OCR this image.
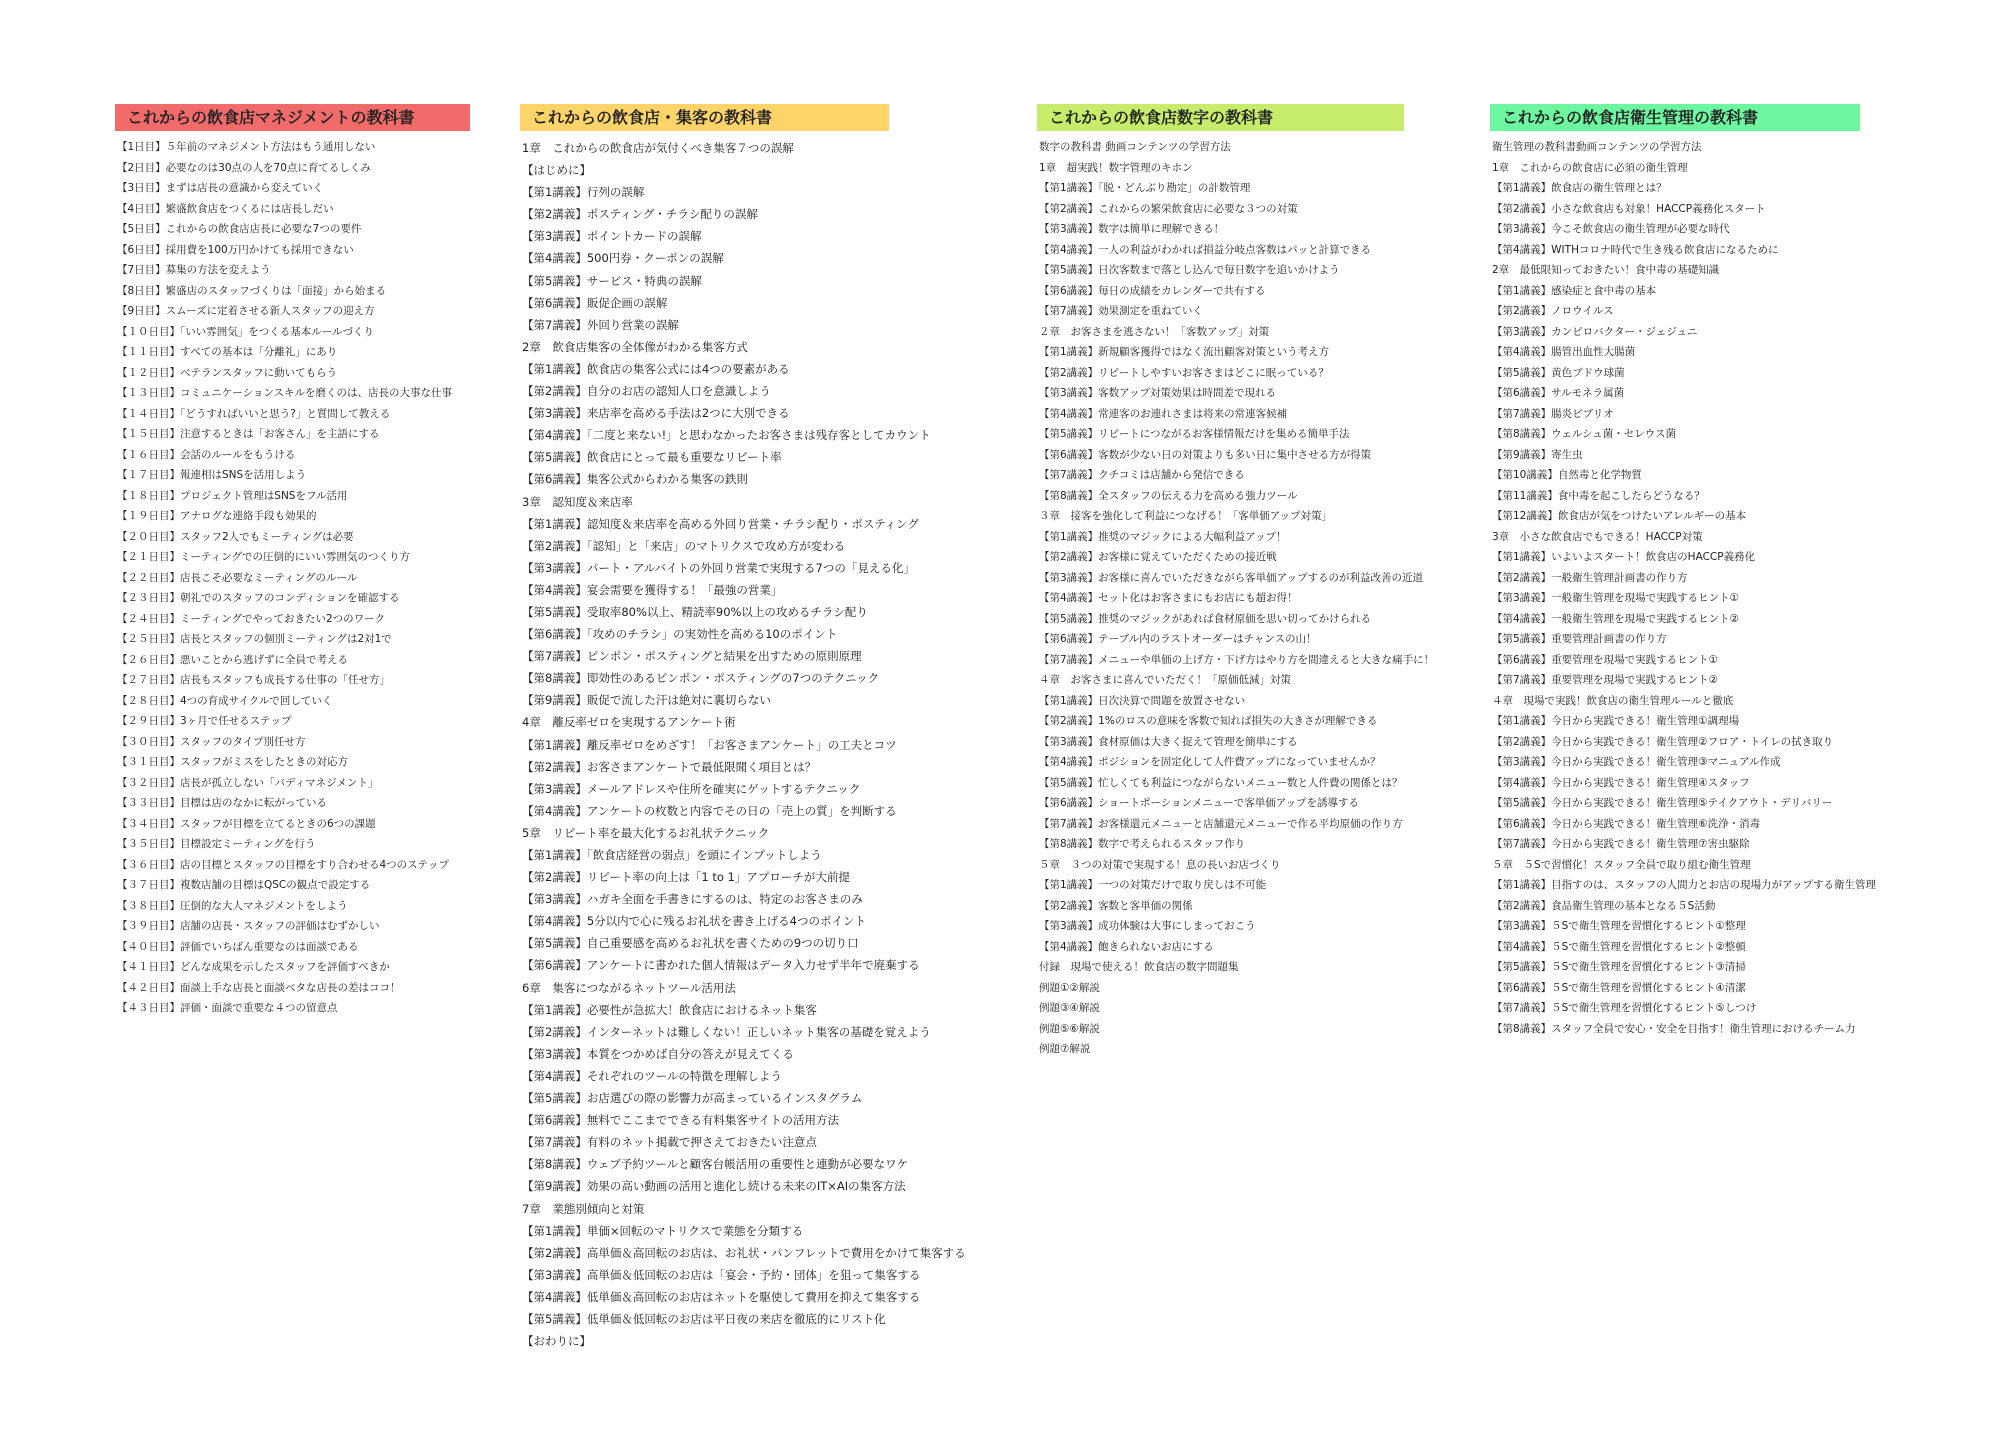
これからの飲食店マネジメントの教科書
【1日目】５年前のマネジメント方法はもう通用しない
【2日目】必要なのは30点の人を70点に育てるしくみ
【3日目】まずは店長の意識から変えていく
【4日目】繁盛飲食店をつくるには店長しだい
【5日目】これからの飲食店店長に必要な7つの要件
【6日目】採用費を100万円かけても採用できない
【7日目】募集の方法を変えよう
【8日目】繁盛店のスタッフづくりは「面接」から始まる
【9日目】スムーズに定着させる新人スタッフの迎え方
【１０日目】「いい雰囲気」をつくる基本ルールづくり
【１１日目】すべての基本は「分離礼」にあり
【１２日目】ベテランスタッフに動いてもらう
【１３日目】コミュニケーションスキルを磨くのは、店長の大事な仕事
【１４日目】「どうすればいいと思う?」と質問して教える
【１５日目】注意するときは「お客さん」を主語にする
【１６日目】会話のルールをもうける
【１７日目】報連相はSNSを活用しよう
【１８日目】プロジェクト管理はSNSをフル活用
【１９日目】アナログな連絡手段も効果的
【２０日目】スタッフ2人でもミーティングは必要
【２１日目】ミーティングでの圧倒的にいい雰囲気のつくり方
【２２日目】店長こそ必要なミーティングのルール
【２３日目】朝礼でのスタッフのコンディションを確認する
【２４日目】ミーティングでやっておきたい2つのワーク
【２５日目】店長とスタッフの個別ミーティングは2対1で
【２６日目】悪いことから逃げずに全員で考える
【２７日目】店長もスタッフも成長する仕事の「任せ方」
【２８日目】4つの育成サイクルで回していく
【２９日目】3ヶ月で任せるステップ
【３０日目】スタッフのタイプ別任せ方
【３１日目】スタッフがミスをしたときの対応方
【３２日目】店長が孤立しない「バディマネジメント」
【３３日目】目標は店のなかに転がっている
【３４日目】スタッフが目標を立てるときの6つの課題
【３５日目】目標設定ミーティングを行う
【３６日目】店の目標とスタッフの目標をすり合わせる4つのステップ
【３７日目】複数店舗の目標はQSCの観点で設定する
【３８日目】圧倒的な大人マネジメントをしよう
【３９日目】店舗の店長・スタッフの評価はむずかしい
【４０日目】評価でいちばん重要なのは面談である
【４１日目】どんな成果を示したスタッフを評価すべきか
【４２日目】面談上手な店長と面談ベタな店長の差はココ！
【４３日目】評価・面談で重要な４つの留意点
これからの飲食店・集客の教科書
1章　これからの飲食店が気付くべき集客７つの誤解
【はじめに】
【第1講義】行列の誤解
【第2講義】ポスティング・チラシ配りの誤解
【第3講義】ポイントカードの誤解
【第4講義】500円券・クーポンの誤解
【第5講義】サービス・特典の誤解
【第6講義】販促企画の誤解
【第7講義】外回り営業の誤解
2章　飲食店集客の全体像がわかる集客方式
【第1講義】飲食店の集客公式には4つの要素がある
【第2講義】自分のお店の認知人口を意識しよう
【第3講義】来店率を高める手法は2つに大別できる
【第4講義】「二度と来ない!」と思わなかったお客さまは残存客としてカウント
【第5講義】飲食店にとって最も重要なリピート率
【第6講義】集客公式からわかる集客の鉄則
3章　認知度＆来店率
【第1講義】認知度＆来店率を高める外回り営業・チラシ配り・ポスティング
【第2講義】「認知」と「来店」のマトリクスで攻め方が変わる
【第3講義】パート・アルバイトの外回り営業で実現する7つの「見える化」
【第4講義】宴会需要を獲得する！「最強の営業」
【第5講義】受取率80%以上、精読率90%以上の攻めるチラシ配り
【第6講義】「攻めのチラシ」の実効性を高める10のポイント
【第7講義】ピンポン・ポスティングと結果を出すための原則原理
【第8講義】即効性のあるピンポン・ポスティングの7つのテクニック
【第9講義】販促で流した汗は絶対に裏切らない
4章　離反率ゼロを実現するアンケート術
【第1講義】離反率ゼロをめざす！「お客さまアンケート」の工夫とコツ
【第2講義】お客さまアンケートで最低限聞く項目とは？
【第3講義】メールアドレスや住所を確実にゲットするテクニック
【第4講義】アンケートの枚数と内容でその日の「売上の質」を判断する
5章　リピート率を最大化するお礼状テクニック
【第1講義】「飲食店経営の弱点」を頭にインプットしよう
【第2講義】リピート率の向上は「1 to 1」アプローチが大前提
【第3講義】ハガキ全面を手書きにするのは、特定のお客さまのみ
【第4講義】5分以内で心に残るお礼状を書き上げる4つのポイント
【第5講義】自己重要感を高めるお礼状を書くための9つの切り口
【第6講義】アンケートに書かれた個人情報はデータ入力せず半年で廃棄する
6章　集客につながるネットツール活用法
【第1講義】必要性が急拡大！飲食店におけるネット集客
【第2講義】インターネットは難しくない！正しいネット集客の基礎を覚えよう
【第3講義】本質をつかめば自分の答えが見えてくる
【第4講義】それぞれのツールの特徴を理解しよう
【第5講義】お店選びの際の影響力が高まっているインスタグラム
【第6講義】無料でここまでできる有料集客サイトの活用方法
【第7講義】有料のネット掲載で押さえておきたい注意点
【第8講義】ウェブ予約ツールと顧客台帳活用の重要性と連動が必要なワケ
【第9講義】効果の高い動画の活用と進化し続ける未来のIT×AIの集客方法
7章　業態別傾向と対策
【第1講義】単価×回転のマトリクスで業態を分類する
【第2講義】高単価＆高回転のお店は、お礼状・パンフレットで費用をかけて集客する
【第3講義】高単価＆低回転のお店は「宴会・予約・団体」を狙って集客する
【第4講義】低単価＆高回転のお店はネットを駆使して費用を抑えて集客する
【第5講義】低単価＆低回転のお店は平日夜の来店を徹底的にリスト化
【おわりに】
これからの飲食店数字の教科書
数字の教科書 動画コンテンツの学習方法
1章　超実践！数字管理のキホン
【第1講義】「脱・どんぶり勘定」の計数管理
【第2講義】これからの繁栄飲食店に必要な３つの対策
【第3講義】数字は簡単に理解できる！
【第4講義】一人の利益がわかれば損益分岐点客数はパッと計算できる
【第5講義】日次客数まで落とし込んで毎日数字を追いかけよう
【第6講義】毎日の成績をカレンダーで共有する
【第7講義】効果測定を重ねていく
２章　お客さまを逃さない！「客数アップ」対策
【第1講義】新規顧客獲得ではなく流出顧客対策という考え方
【第2講義】リピートしやすいお客さまはどこに眠っている？
【第3講義】客数アップ対策効果は時間差で現れる
【第4講義】常連客のお連れさまは将来の常連客候補
【第5講義】リピートにつながるお客様情報だけを集める簡単手法
【第6講義】客数が少ない日の対策よりも多い日に集中させる方が得策
【第7講義】クチコミは店舗から発信できる
【第8講義】全スタッフの伝える力を高める強力ツール
３章　接客を強化して利益につなげる！「客単価アップ対策」
【第1講義】推奨のマジックによる大幅利益アップ！
【第2講義】お客様に覚えていただくための接近戦
【第3講義】お客様に喜んでいただきながら客単価アップするのが利益改善の近道
【第4講義】セット化はお客さまにもお店にも超お得！
【第5講義】推奨のマジックがあれば食材原価を思い切ってかけられる
【第6講義】テーブル内のラストオーダーはチャンスの山！
【第7講義】メニューや単価の上げ方・下げ方はやり方を間違えると大きな痛手に！
４章　お客さまに喜んでいただく！「原価低減」対策
【第1講義】日次決算で問題を放置させない
【第2講義】1%のロスの意味を客数で知れば損失の大きさが理解できる
【第3講義】食材原価は大きく捉えて管理を簡単にする
【第4講義】ポジションを固定化して人件費アップになっていませんか？
【第5講義】忙しくても利益につながらないメニュー数と人件費の関係とは？
【第6講義】ショートポーションメニューで客単価アップを誘導する
【第7講義】お客様還元メニューと店舗還元メニューで作る平均原価の作り方
【第8講義】数字で考えられるスタッフ作り
５章　３つの対策で実現する！息の長いお店づくり
【第1講義】一つの対策だけで取り戻しは不可能
【第2講義】客数と客単価の関係
【第3講義】成功体験は大事にしまっておこう
【第4講義】飽きられないお店にする
付録　現場で使える！飲食店の数字問題集
例題①②解説
例題③④解説
例題⑤⑥解説
例題⑦解説
これからの飲食店衛生管理の教科書
衛生管理の教科書動画コンテンツの学習方法
1章　これからの飲食店に必須の衛生管理
【第1講義】飲食店の衛生管理とは？
【第2講義】小さな飲食店も対象！HACCP義務化スタート
【第3講義】今こそ飲食店の衛生管理が必要な時代
【第4講義】WITHコロナ時代で生き残る飲食店になるために
2章　最低限知っておきたい！食中毒の基礎知識
【第1講義】感染症と食中毒の基本
【第2講義】ノロウイルス
【第3講義】カンピロバクター・ジェジュニ
【第4講義】腸管出血性大腸菌
【第5講義】黄色ブドウ球菌
【第6講義】サルモネラ属菌
【第7講義】腸炎ビブリオ
【第8講義】ウェルシュ菌・セレウス菌
【第9講義】寄生虫
【第10講義】自然毒と化学物質
【第11講義】食中毒を起こしたらどうなる？
【第12講義】飲食店が気をつけたいアレルギーの基本
3章　小さな飲食店でもできる！HACCP対策
【第1講義】いよいよスタート！飲食店のHACCP義務化
【第2講義】一般衛生管理計画書の作り方
【第3講義】一般衛生管理を現場で実践するヒント①
【第4講義】一般衛生管理を現場で実践するヒント②
【第5講義】重要管理計画書の作り方
【第6講義】重要管理を現場で実践するヒント①
【第7講義】重要管理を現場で実践するヒント②
４章　現場で実践！飲食店の衛生管理ルールと徹底
【第1講義】今日から実践できる！衛生管理①調理場
【第2講義】今日から実践できる！衛生管理②フロア・トイレの拭き取り
【第3講義】今日から実践できる！衛生管理③マニュアル作成
【第4講義】今日から実践できる！衛生管理④スタッフ
【第5講義】今日から実践できる！衛生管理⑤テイクアウト・デリバリー
【第6講義】今日から実践できる！衛生管理⑥洗浄・消毒
【第7講義】今日から実践できる！衛生管理⑦害虫駆除
５章　５Sで習慣化！スタッフ全員で取り組む衛生管理
【第1講義】目指すのは、スタッフの人間力とお店の現場力がアップする衛生管理
【第2講義】食品衛生管理の基本となる５S活動
【第3講義】５Sで衛生管理を習慣化するヒント①整理
【第4講義】５Sで衛生管理を習慣化するヒント②整頓
【第5講義】５Sで衛生管理を習慣化するヒント③清掃
【第6講義】５Sで衛生管理を習慣化するヒント④清潔
【第7講義】５Sで衛生管理を習慣化するヒント⑤しつけ
【第8講義】スタッフ全員で安心・安全を目指す！衛生管理におけるチーム力
